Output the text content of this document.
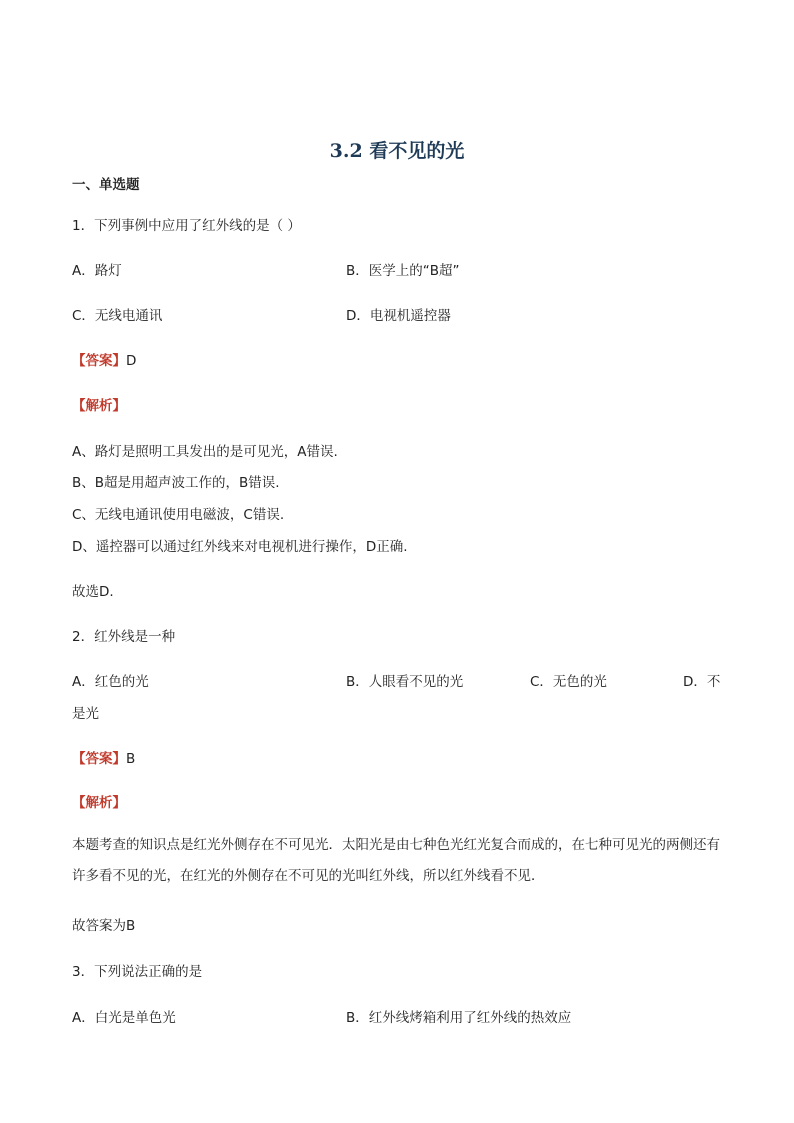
3.2 看不见的光
一、单选题
1．下列事例中应用了红外线的是（ ）
A．路灯	B．医学上的“B超”
C．无线电通讯	D．电视机遥控器
【答案】D
【解析】
A、路灯是照明工具发出的是可见光，A错误.
B、B超是用超声波工作的，B错误.
C、无线电通讯使用电磁波，C错误.
D、遥控器可以通过红外线来对电视机进行操作，D正确.
故选D.
2．红外线是一种
A．红色的光	B．人眼看不见的光	C．无色的光	D．不
是光
【答案】B
【解析】
本题考查的知识点是红光外侧存在不可见光．太阳光是由七种色光红光复合而成的，在七种可见光的两侧还有许多看不见的光，在红光的外侧存在不可见的光叫红外线，所以红外线看不见．
故答案为B
3．下列说法正确的是
A．白光是单色光	B．红外线烤箱利用了红外线的热效应
